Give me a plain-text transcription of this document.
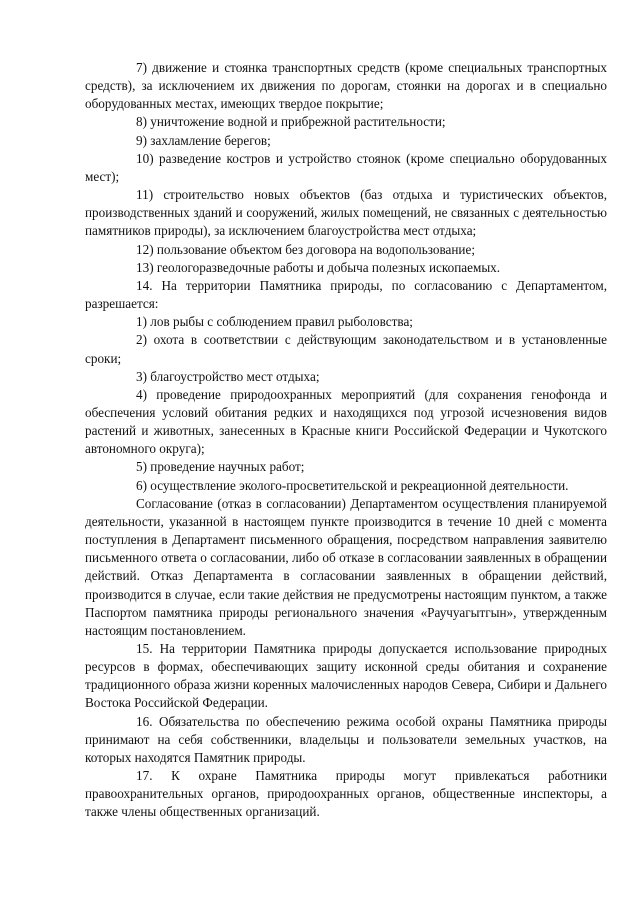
7) движение и стоянка транспортных средств (кроме специальных транспортных средств), за исключением их движения по дорогам, стоянки на дорогах и в специально оборудованных местах, имеющих твердое покрытие;

8) уничтожение водной и прибрежной растительности;

9) захламление берегов;

10) разведение костров и устройство стоянок (кроме специально оборудованных мест);

11) строительство новых объектов (баз отдыха и туристических объектов, производственных зданий и сооружений, жилых помещений, не связанных с деятельностью памятников природы), за исключением благоустройства мест отдыха;

12) пользование объектом без договора на водопользование;

13) геологоразведочные работы и добыча полезных ископаемых.

14. На территории Памятника природы, по согласованию с Департаментом, разрешается:

1) лов рыбы с соблюдением правил рыболовства;

2) охота в соответствии с действующим законодательством и в установленные сроки;

3) благоустройство мест отдыха;

4) проведение природоохранных мероприятий (для сохранения генофонда и обеспечения условий обитания редких и находящихся под угрозой исчезновения видов растений и животных, занесенных в Красные книги Российской Федерации и Чукотского автономного округа);

5) проведение научных работ;

6) осуществление эколого-просветительской и рекреационной деятельности.

Согласование (отказ в согласовании) Департаментом осуществления планируемой деятельности, указанной в настоящем пункте производится в течение 10 дней с момента поступления в Департамент письменного обращения, посредством направления заявителю письменного ответа о согласовании, либо об отказе в согласовании заявленных в обращении действий. Отказ Департамента в согласовании заявленных в обращении действий, производится в случае, если такие действия не предусмотрены настоящим пунктом, а также Паспортом памятника природы регионального значения «Раучуагытгын», утвержденным настоящим постановлением.

15. На территории Памятника природы допускается использование природных ресурсов в формах, обеспечивающих защиту исконной среды обитания и сохранение традиционного образа жизни коренных малочисленных народов Севера, Сибири и Дальнего Востока Российской Федерации.

16. Обязательства по обеспечению режима особой охраны Памятника природы принимают на себя собственники, владельцы и пользователи земельных участков, на которых находятся Памятник природы.

17. К охране Памятника природы могут привлекаться работники правоохранительных органов, природоохранных органов, общественные инспекторы, а также члены общественных организаций.
